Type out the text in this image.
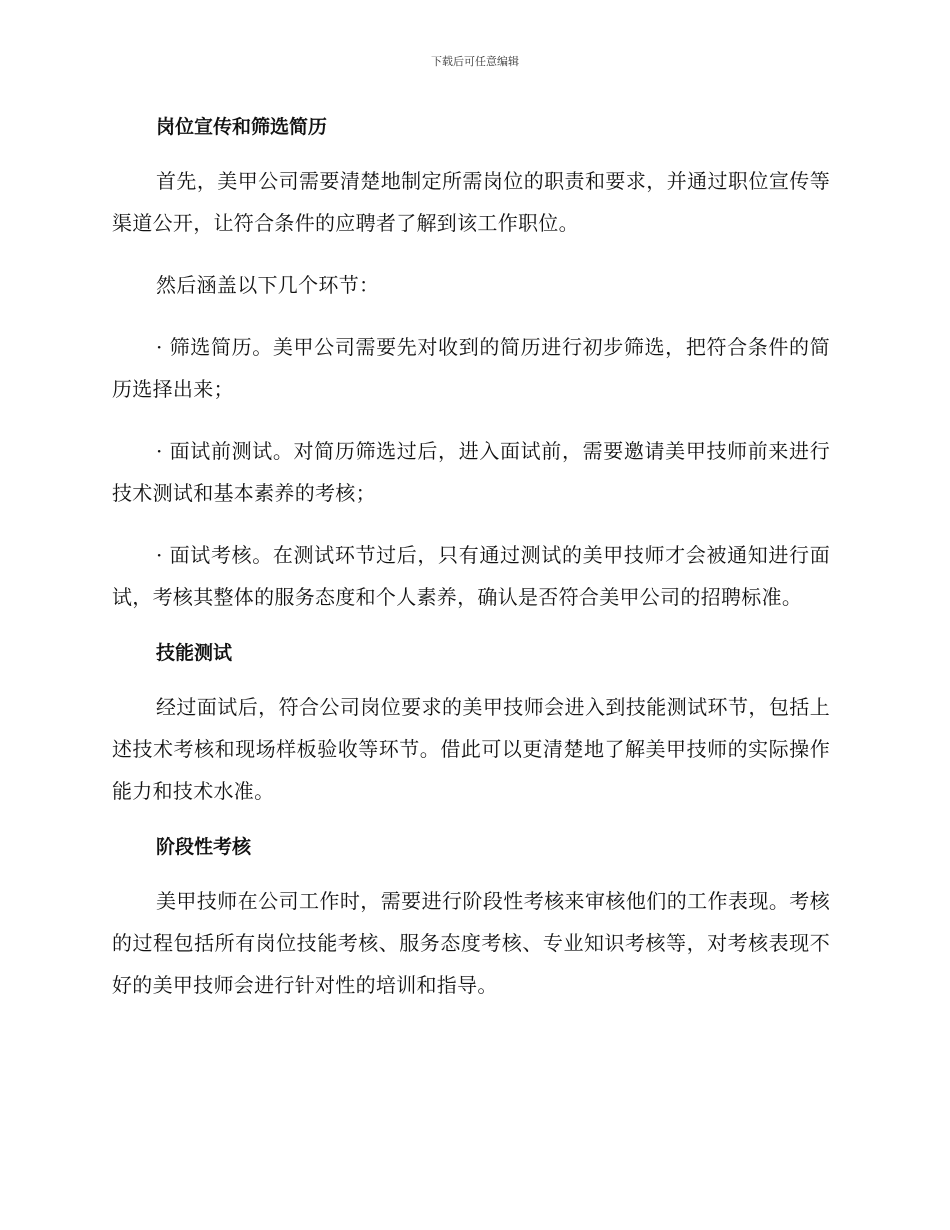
下载后可任意编辑
岗位宣传和筛选简历

首先，美甲公司需要清楚地制定所需岗位的职责和要求，并通过职位宣传等渠道公开，让符合条件的应聘者了解到该工作职位。

然后涵盖以下几个环节：

· 筛选简历。美甲公司需要先对收到的简历进行初步筛选，把符合条件的简历选择出来；

· 面试前测试。对简历筛选过后，进入面试前，需要邀请美甲技师前来进行技术测试和基本素养的考核；

· 面试考核。在测试环节过后，只有通过测试的美甲技师才会被通知进行面试，考核其整体的服务态度和个人素养，确认是否符合美甲公司的招聘标准。

技能测试

经过面试后，符合公司岗位要求的美甲技师会进入到技能测试环节，包括上述技术考核和现场样板验收等环节。借此可以更清楚地了解美甲技师的实际操作能力和技术水准。

阶段性考核

美甲技师在公司工作时，需要进行阶段性考核来审核他们的工作表现。考核的过程包括所有岗位技能考核、服务态度考核、专业知识考核等，对考核表现不好的美甲技师会进行针对性的培训和指导。
